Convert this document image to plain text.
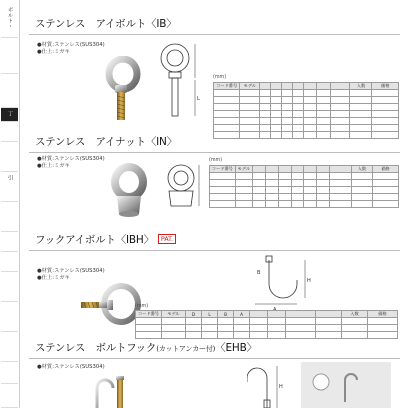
ボルト・
丁
引
ステンレス　アイボルト〈IB〉

●材質:ステンレス(SUS304)

●仕上:ミガキ

L
(mm)
コード番号	モデル								入数	価格

ステンレス　アイナット〈IN〉

●材質:ステンレス(SUS304)

●仕上:ミガキ

(mm)
コード番号	モデル								入数	価格

フックアイボルト〈IBH〉 PAT.

●材質:ステンレス(SUS304)

●仕上:ミガキ	H
B
(mm)
コード番号	モデル	D	L	B	A					入数	価格

ステンレス　ボルトフック(カットアンカー付)〈EHB〉

●材質:ステンレス(SUS304)

H
